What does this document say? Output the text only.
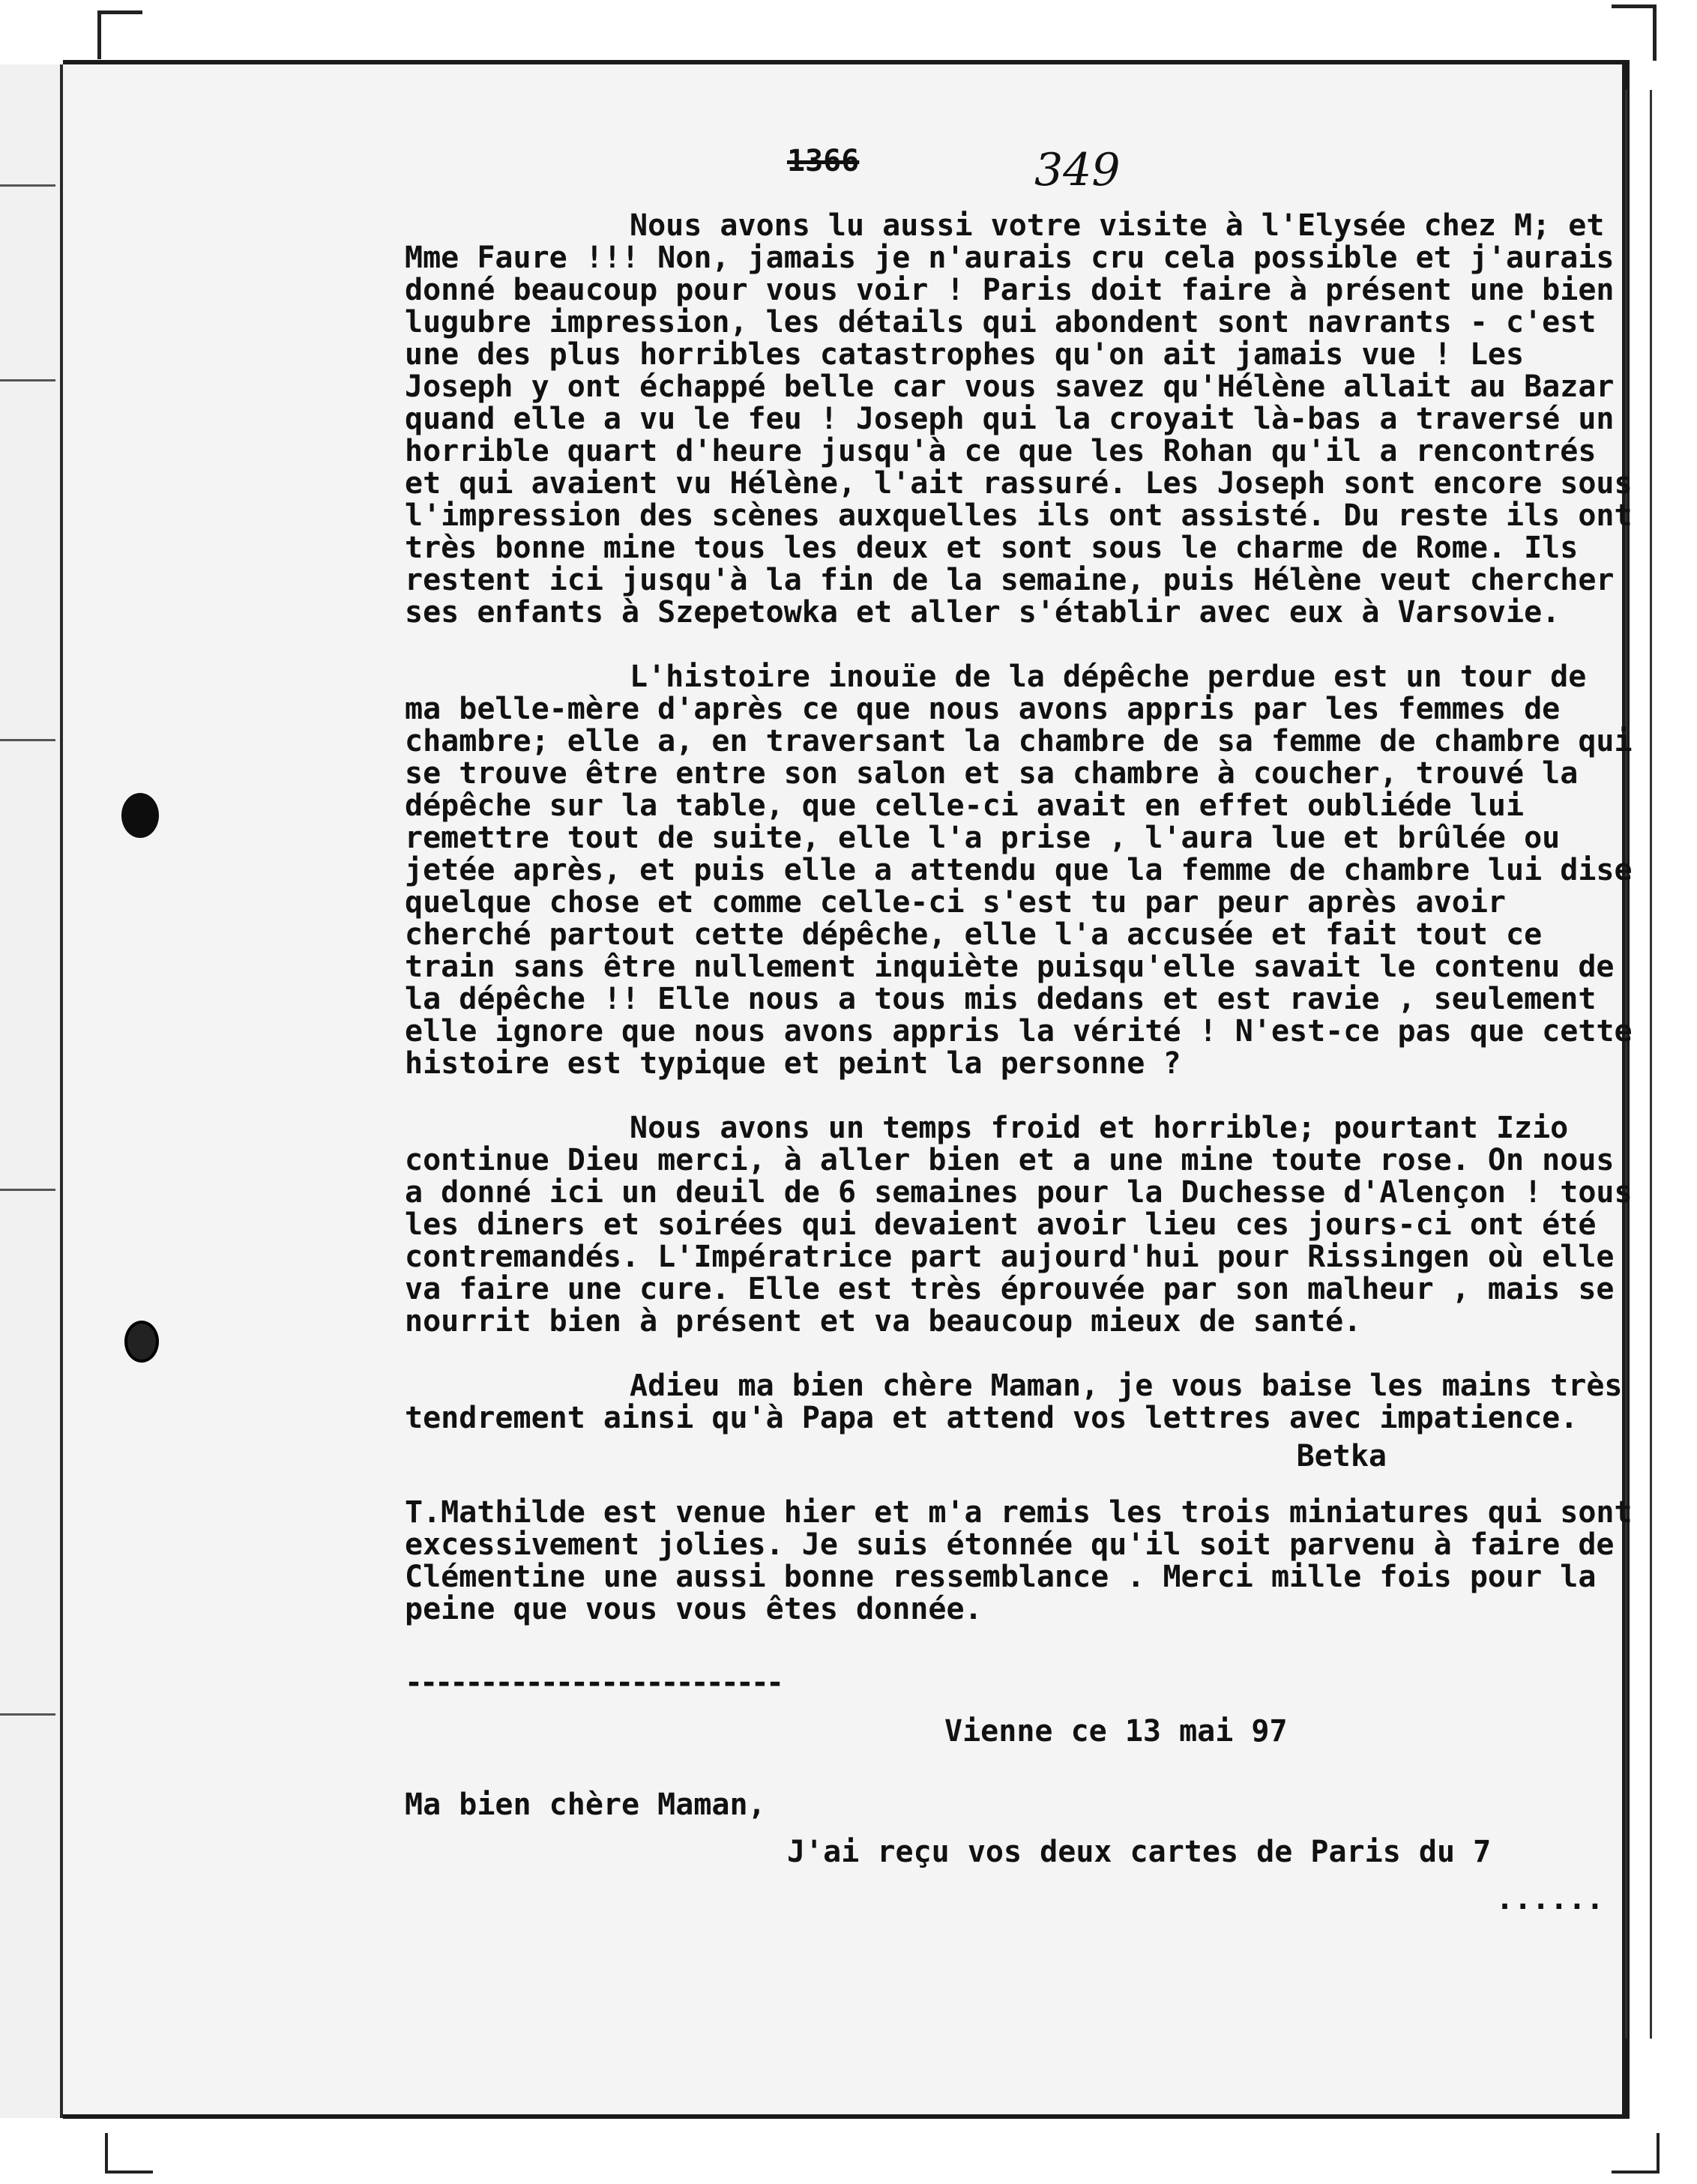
1366	349

Nous avons lu aussi votre visite à l'Elysée chez M; et Mme Faure !!! Non, jamais je n'aurais cru cela possible et j'aurais donné beaucoup pour vous voir ! Paris doit faire à présent une bien lugubre impression, les détails qui abondent sont navrants - c'est une des plus horribles catastrophes qu'on ait jamais vue ! Les Joseph y ont échappé belle car vous savez qu'Hélène allait au Bazar quand elle a vu le feu ! Joseph qui la croyait là-bas a traversé un horrible quart d'heure jusqu'à ce que les Rohan qu'il a rencontrés et qui avaient vu Hélène, l'ait rassuré. Les Joseph sont encore sous l'impression des scènes auxquelles ils ont assisté. Du reste ils ont très bonne mine tous les deux et sont sous le charme de Rome. Ils restent ici jusqu'à la fin de la semaine, puis Hélène veut chercher ses enfants à Szepetowka et aller s'établir avec eux à Varsovie.

L'histoire inouïe de la dépêche perdue est un tour de ma belle-mère d'après ce que nous avons appris par les femmes de chambre; elle a, en traversant la chambre de sa femme de chambre qui se trouve être entre son salon et sa chambre à coucher, trouvé la dépêche sur la table, que celle-ci avait en effet oubliéde lui remettre tout de suite, elle l'a prise , l'aura lue et brûlée ou jetée après, et puis elle a attendu que la femme de chambre lui dise quelque chose et comme celle-ci s'est tu par peur après avoir cherché partout cette dépêche, elle l'a accusée et fait tout ce train sans être nullement inquiète puisqu'elle savait le contenu de la dépêche !! Elle nous a tous mis dedans et est ravie , seulement elle ignore que nous avons appris la vérité ! N'est-ce pas que cette histoire est typique et peint la personne ?

Nous avons un temps froid et horrible; pourtant Izio continue Dieu merci, à aller bien et a une mine toute rose. On nous a donné ici un deuil de 6 semaines pour la Duchesse d'Alençon ! tous les diners et soirées qui devaient avoir lieu ces jours-ci ont été contremandés. L'Impératrice part aujourd'hui pour Rissingen où elle va faire une cure. Elle est très éprouvée par son malheur , mais se nourrit bien à présent et va beaucoup mieux de santé.

Adieu ma bien chère Maman, je vous baise les mains très tendrement ainsi qu'à Papa et attend vos lettres avec impatience.

Betka

T.Mathilde est venue hier et m'a remis les trois miniatures qui sont excessivement jolies. Je suis étonnée qu'il soit parvenu à faire de Clémentine une aussi bonne ressemblance . Merci mille fois pour la peine que vous vous êtes donnée.

-------------------------

Vienne ce 13 mai 97

Ma bien chère Maman,

J'ai reçu vos deux cartes de Paris du 7

......
